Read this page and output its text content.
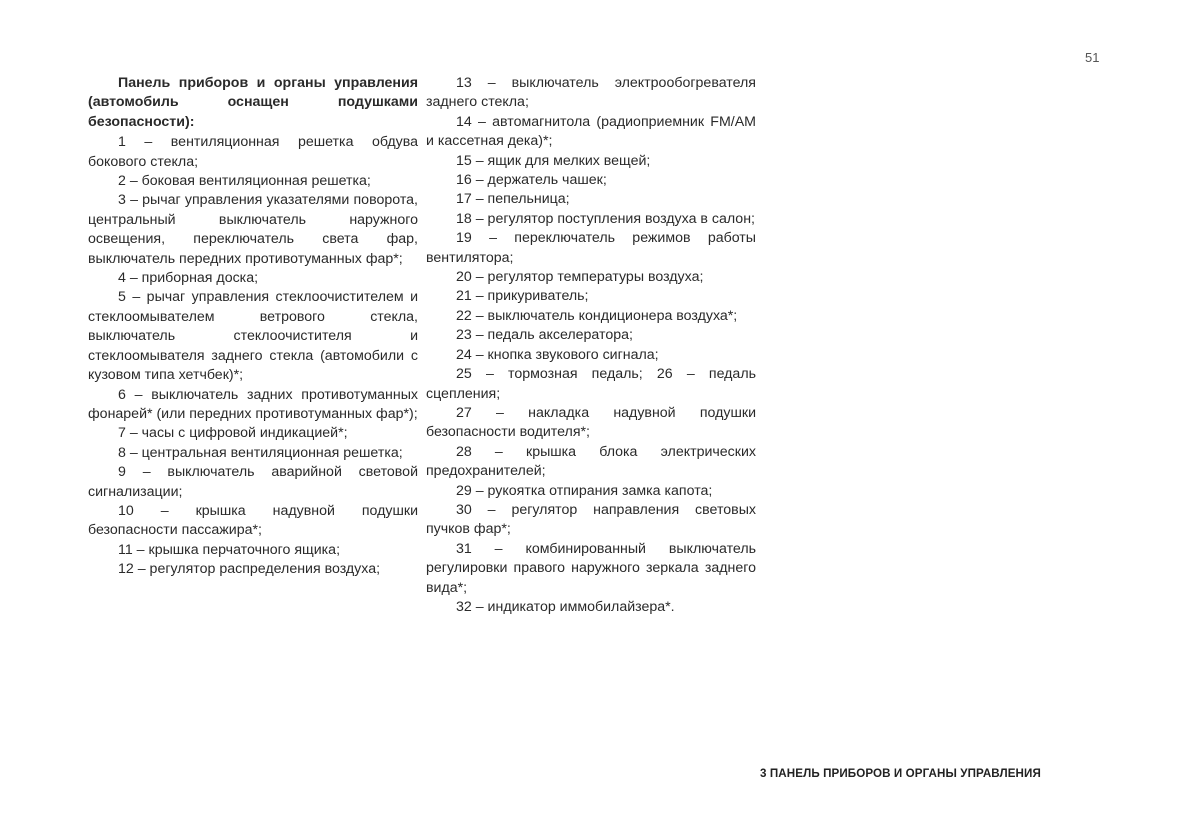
51

Панель приборов и органы управления (автомобиль оснащен подушками безопасности):

1 – вентиляционная решетка обдува бокового стекла;

2 – боковая вентиляционная решетка;

3 – рычаг управления указателями поворота, центральный выключатель наружного освещения, переключатель света фар, выключатель передних противотуманных фар*;

4 – приборная доска;

5 – рычаг управления стеклоочистителем и стеклоомывателем ветрового стекла, выключатель стеклоочистителя и стеклоомывателя заднего стекла (автомобили с кузовом типа хетчбек)*;

6 – выключатель задних противотуманных фонарей* (или передних противотуманных фар*);

7 – часы с цифровой индикацией*;

8 – центральная вентиляционная решетка;

9 – выключатель аварийной световой сигнализации;

10 – крышка надувной подушки безопасности пассажира*;

11 – крышка перчаточного ящика;

12 – регулятор распределения воздуха;

13 – выключатель электрообогревателя заднего стекла;

14 – автомагнитола (радиоприемник FM/AM и кассетная дека)*;

15 – ящик для мелких вещей;

16 – держатель чашек;

17 – пепельница;

18 – регулятор поступления воздуха в салон;

19 – переключатель режимов работы вентилятора;

20 – регулятор температуры воздуха;

21 – прикуриватель;

22 – выключатель кондиционера воздуха*;

23 – педаль акселератора;

24 – кнопка звукового сигнала;

25 – тормозная педаль; 26 – педаль сцепления;

27 – накладка надувной подушки безопасности водителя*;

28 – крышка блока электрических предохранителей;

29 – рукоятка отпирания замка капота;

30 – регулятор направления световых пучков фар*;

31 – комбинированный выключатель регулировки правого наружного зеркала заднего вида*;

32 – индикатор иммобилайзера*.

3 ПАНЕЛЬ ПРИБОРОВ И ОРГАНЫ УПРАВЛЕНИЯ
